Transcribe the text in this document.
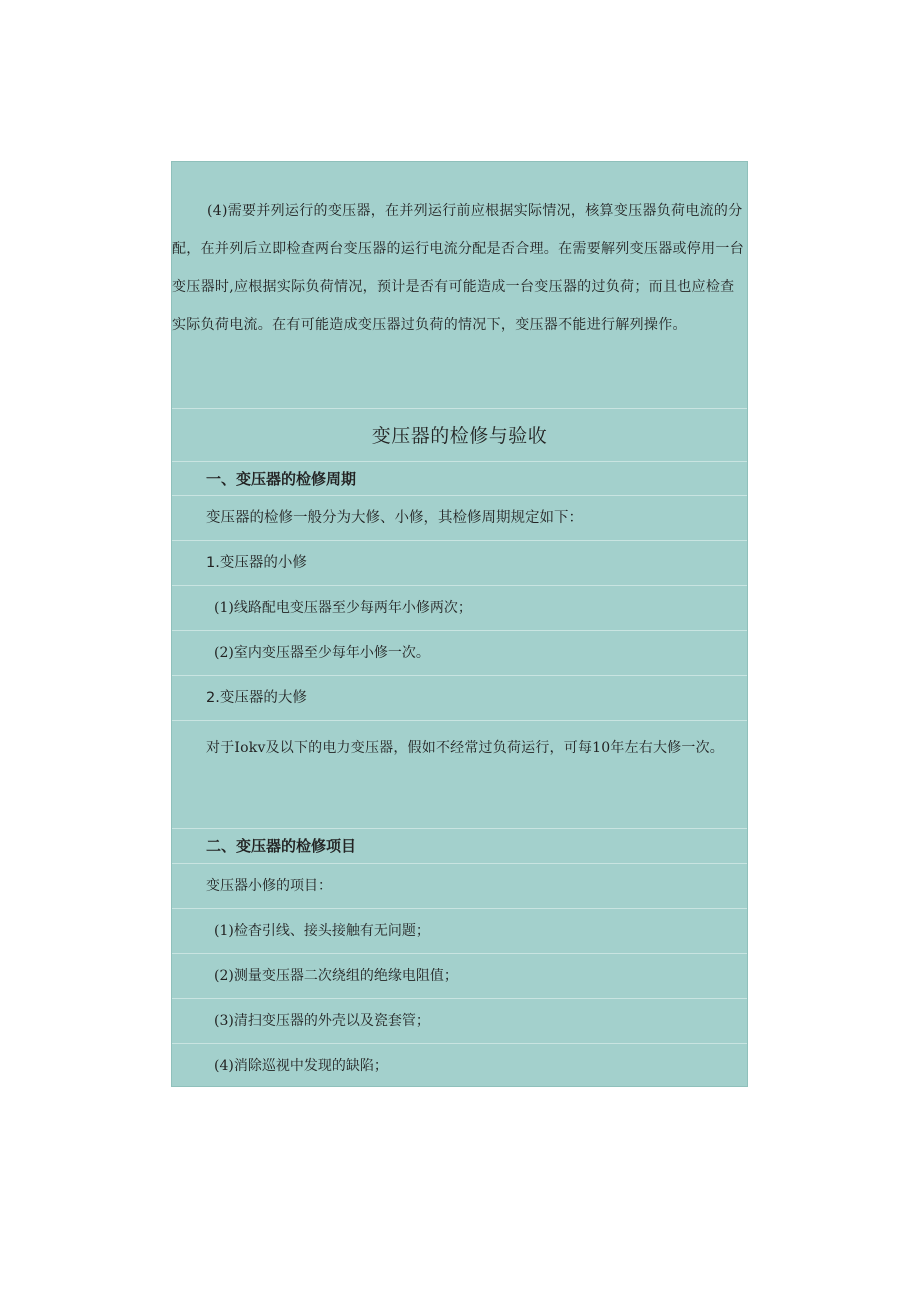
(4)需要并列运行的变压器，在并列运行前应根据实际情况，核算变压器负荷电流的分配，在并列后立即检查两台变压器的运行电流分配是否合理。在需要解列变压器或停用一台变压器时,应根据实际负荷情况，预计是否有可能造成一台变压器的过负荷；而且也应检查实际负荷电流。在有可能造成变压器过负荷的情况下，变压器不能进行解列操作。

变压器的检修与验收
一、变压器的检修周期

变压器的检修一般分为大修、小修，其检修周期规定如下：

1.变压器的小修

(1)线路配电变压器至少每两年小修两次；

(2)室内变压器至少每年小修一次。

2.变压器的大修

对于Iokv及以下的电力变压器，假如不经常过负荷运行，可每10年左右大修一次。

二、变压器的检修项目

变压器小修的项目：

(1)检杳引线、接头接触有无问题；

(2)测量变压器二次绕组的绝缘电阻值；

(3)清扫变压器的外壳以及瓷套管；

(4)消除巡视中发现的缺陷；
